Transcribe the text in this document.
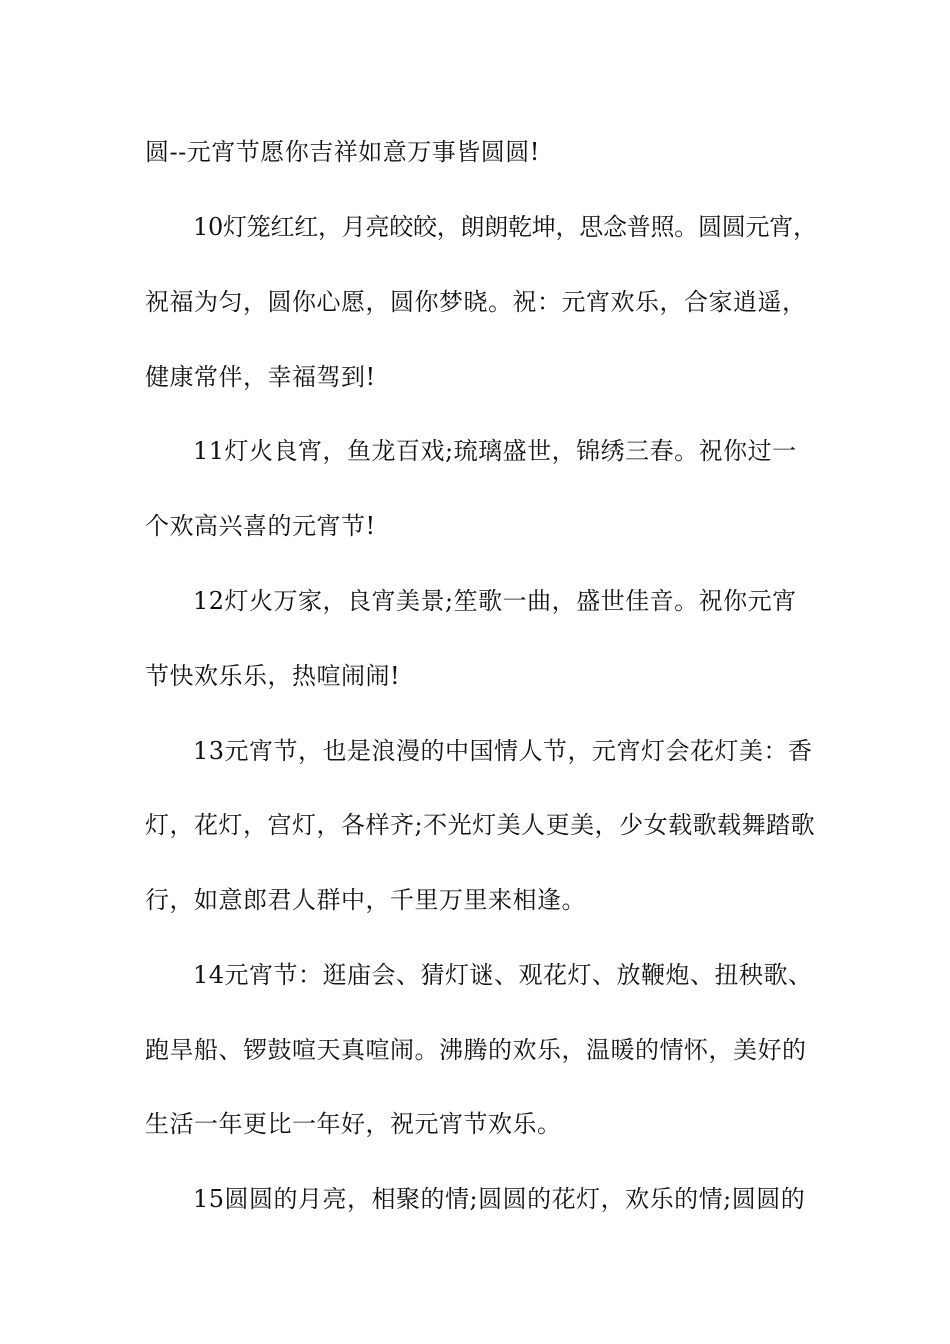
圆--元宵节愿你吉祥如意万事皆圆圆!
10灯笼红红，月亮皎皎，朗朗乾坤，思念普照。圆圆元宵，
祝福为匀，圆你心愿，圆你梦晓。祝：元宵欢乐，合家逍遥，
健康常伴，幸福驾到!
11灯火良宵，鱼龙百戏;琉璃盛世，锦绣三春。祝你过一
个欢高兴喜的元宵节!
12灯火万家，良宵美景;笙歌一曲，盛世佳音。祝你元宵
节快欢乐乐，热喧闹闹!
13元宵节，也是浪漫的中国情人节，元宵灯会花灯美：香
灯，花灯，宫灯，各样齐;不光灯美人更美，少女载歌载舞踏歌
行，如意郎君人群中，千里万里来相逢。
14元宵节：逛庙会、猜灯谜、观花灯、放鞭炮、扭秧歌、
跑旱船、锣鼓喧天真喧闹。沸腾的欢乐，温暖的情怀，美好的
生活一年更比一年好，祝元宵节欢乐。
15圆圆的月亮，相聚的情;圆圆的花灯，欢乐的情;圆圆的
